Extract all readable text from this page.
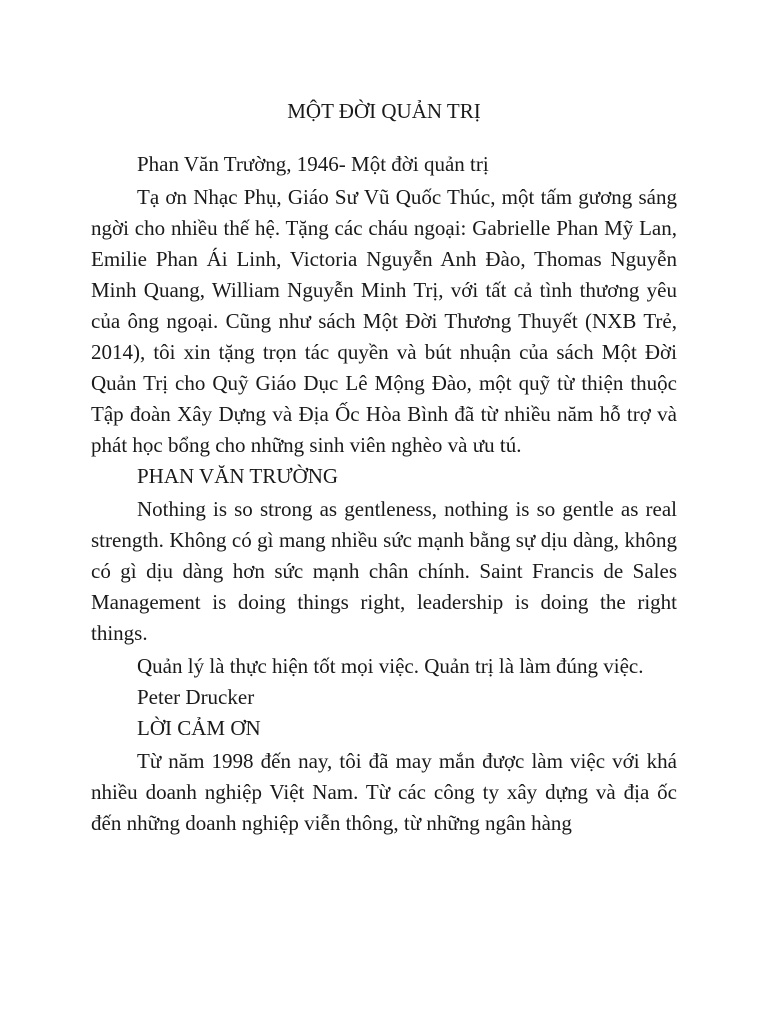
MỘT ĐỜI QUẢN TRỊ

Phan Văn Trường, 1946- Một đời quản trị

Tạ ơn Nhạc Phụ, Giáo Sư Vũ Quốc Thúc, một tấm gương sáng ngời cho nhiều thế hệ. Tặng các cháu ngoại: Gabrielle Phan Mỹ Lan, Emilie Phan Ái Linh, Victoria Nguyễn Anh Đào, Thomas Nguyễn Minh Quang, William Nguyễn Minh Trị, với tất cả tình thương yêu của ông ngoại. Cũng như sách Một Đời Thương Thuyết (NXB Trẻ, 2014), tôi xin tặng trọn tác quyền và bút nhuận của sách Một Đời Quản Trị cho Quỹ Giáo Dục Lê Mộng Đào, một quỹ từ thiện thuộc Tập đoàn Xây Dựng và Địa Ốc Hòa Bình đã từ nhiều năm hỗ trợ và phát học bổng cho những sinh viên nghèo và ưu tú.

PHAN VĂN TRƯỜNG

Nothing is so strong as gentleness, nothing is so gentle as real strength. Không có gì mang nhiều sức mạnh bằng sự dịu dàng, không có gì dịu dàng hơn sức mạnh chân chính. Saint Francis de Sales Management is doing things right, leadership is doing the right things.

Quản lý là thực hiện tốt mọi việc. Quản trị là làm đúng việc.

Peter Drucker

LỜI CẢM ƠN

Từ năm 1998 đến nay, tôi đã may mắn được làm việc với khá nhiều doanh nghiệp Việt Nam. Từ các công ty xây dựng và địa ốc đến những doanh nghiệp viễn thông, từ những ngân hàng
